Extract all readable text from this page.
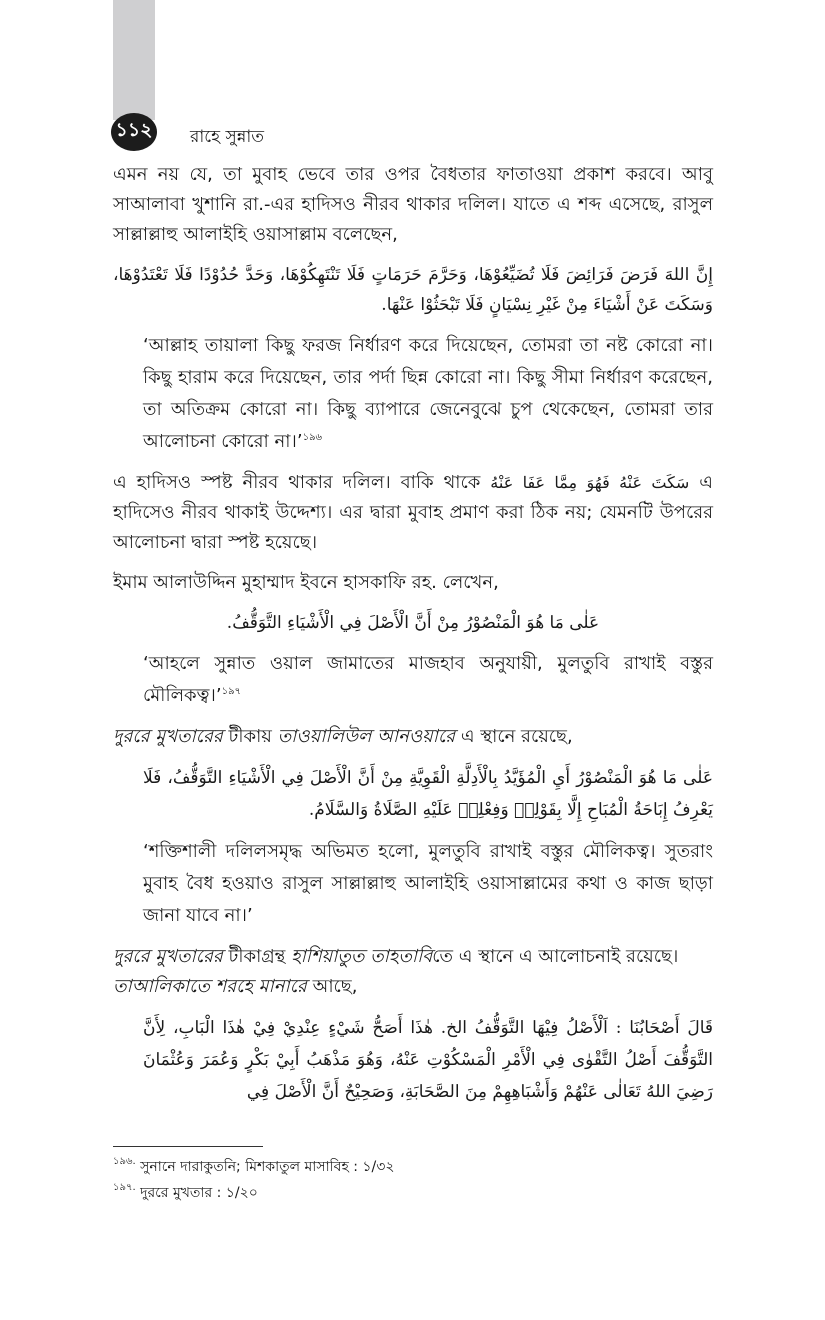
১১২ রাহে সুন্নাত

এমন নয় যে, তা মুবাহ ভেবে তার ওপর বৈধতার ফাতাওয়া প্রকাশ করবে। আবু সাআলাবা খুশানি রা.-এর হাদিসও নীরব থাকার দলিল। যাতে এ শব্দ এসেছে, রাসুল সাল্লাল্লাহু আলাইহি ওয়াসাল্লাম বলেছেন,

إِنَّ اللهَ فَرَضَ فَرَائِضَ فَلَا تُضَيِّعُوْهَا، وَحَرَّمَ حَرَمَاتٍ فَلَا تَنْتَهِكُوْهَا، وَحَدَّ حُدُوْدًا فَلَا تَعْتَدُوْهَا، وَسَكَتَ عَنْ أَشْيَاءَ مِنْ غَيْرِ نِسْيَانٍ فَلَا تَبْحَثُوْا عَنْهَا.

‘আল্লাহ তায়ালা কিছু ফরজ নির্ধারণ করে দিয়েছেন, তোমরা তা নষ্ট কোরো না। কিছু হারাম করে দিয়েছেন, তার পর্দা ছিন্ন কোরো না। কিছু সীমা নির্ধারণ করেছেন, তা অতিক্রম কোরো না। কিছু ব্যাপারে জেনেবুঝে চুপ থেকেছেন, তোমরা তার আলোচনা কোরো না।’$^{১৯৬}$

এ হাদিসও স্পষ্ট নীরব থাকার দলিল। বাকি থাকে سَكَتَ عَنْهُ فَهُوَ مِمَّا عَفَا عَنْهُ এ হাদিসেও নীরব থাকাই উদ্দেশ্য। এর দ্বারা মুবাহ প্রমাণ করা ঠিক নয়; যেমনটি উপরের আলোচনা দ্বারা স্পষ্ট হয়েছে।

ইমাম আলাউদ্দিন মুহাম্মাদ ইবনে হাসকাফি রহ. লেখেন,

عَلٰى مَا هُوَ الْمَنْصُوْرُ مِنْ أَنَّ الْأَصْلَ فِي الْأَشْيَاءِ التَّوَقُّفُ.

‘আহলে সুন্নাত ওয়াল জামাতের মাজহাব অনুযায়ী, মুলতুবি রাখাই বস্তুর মৌলিকত্ব।’$^{১৯৭}$

দুররে মুখতারের টীকায় তাওয়ালিউল আনওয়ারে এ স্থানে রয়েছে,

عَلٰى مَا هُوَ الْمَنْصُوْرُ أَيِ الْمُؤَيَّدُ بِالْأَدِلَّةِ الْقَوِيَّةِ مِنْ أَنَّ الْأَصْلَ فِي الْأَشْيَاءِ التَّوَقُّفُ، فَلَا يَعْرِفُ إِبَاحَةُ الْمُبَاحِ إِلَّا بِقَوْلِهٖ وَفِعْلِهٖ عَلَيْهِ الصَّلَاةُ وَالسَّلَامُ.

‘শক্তিশালী দলিলসমৃদ্ধ অভিমত হলো, মুলতুবি রাখাই বস্তুর মৌলিকত্ব। সুতরাং মুবাহ বৈধ হওয়াও রাসুল সাল্লাল্লাহু আলাইহি ওয়াসাল্লামের কথা ও কাজ ছাড়া জানা যাবে না।’

দুররে মুখতারের টীকাগ্রন্থ হাশিয়াতুত তাহতাবিতে এ স্থানে এ আলোচনাই রয়েছে।

তাআলিকাতে শরহে মানারে আছে,

قَالَ أَصْحَابُنَا : اَلْأَصْلُ فِيْهَا التَّوَقُّفُ الخ. هٰذَا أَصَحُّ شَيْءٍ عِنْدِيْ فِيْ هٰذَا الْبَابِ، لِأَنَّ التَّوَقُّفَ أَصْلُ التَّقْوٰى فِي الْأَمْرِ الْمَسْكُوْتِ عَنْهُ، وَهُوَ مَذْهَبُ أَبِيْ بَكْرٍ وَعُمَرَ وَعُثْمَانَ رَضِيَ اللهُ تَعَالٰى عَنْهُمْ وَأَشْبَاهِهِمْ مِنَ الصَّحَابَةِ، وَصَحِيْحٌ أَنَّ الْأَصْلَ فِي

$^{১৯৬.}$ সুনানে দারাকুতনি; মিশকাতুল মাসাবিহ : ১/৩২
$^{১৯৭.}$ দুররে মুখতার : ১/২০
